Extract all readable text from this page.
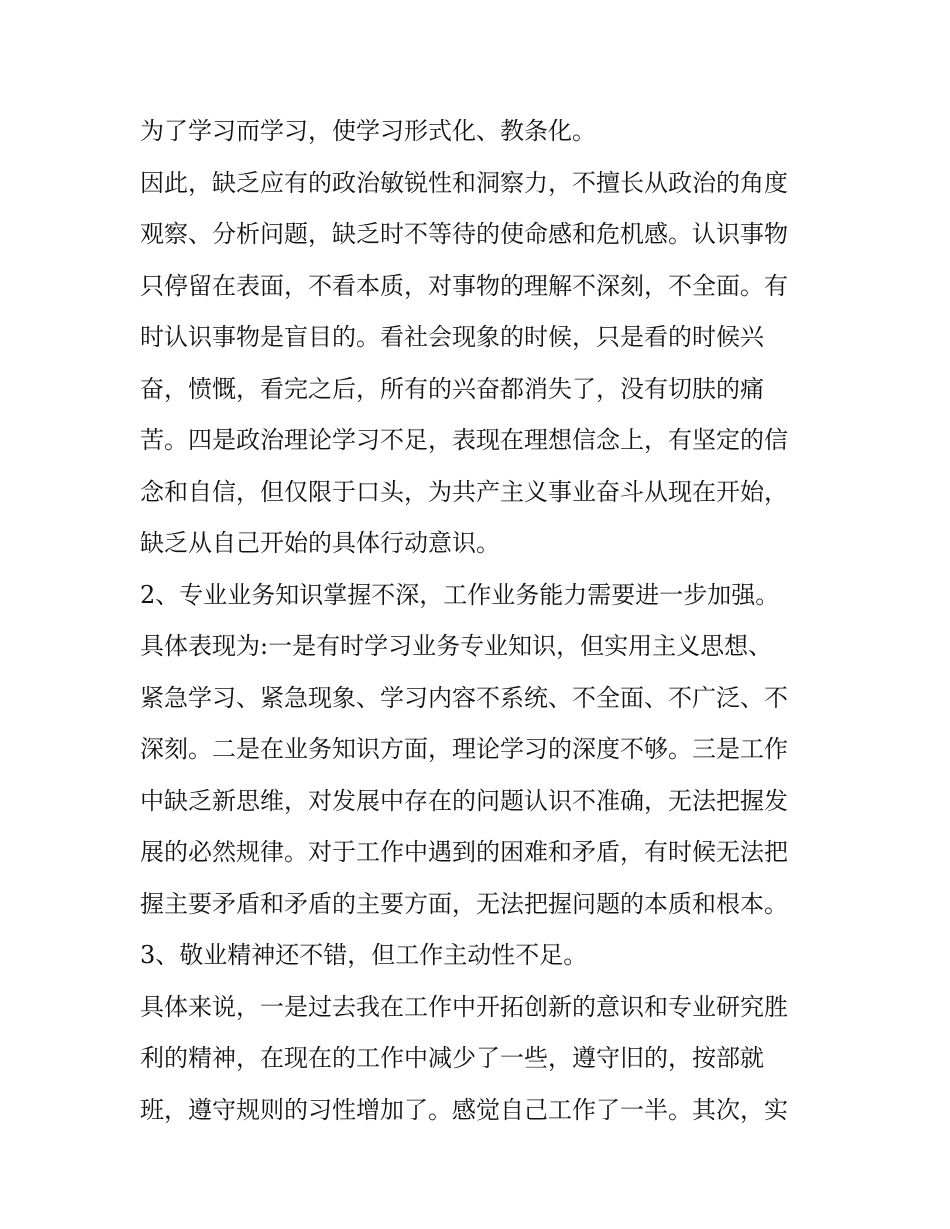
为了学习而学习，使学习形式化、教条化。
因此，缺乏应有的政治敏锐性和洞察力，不擅长从政治的角度
观察、分析问题，缺乏时不等待的使命感和危机感。认识事物
只停留在表面，不看本质，对事物的理解不深刻，不全面。有
时认识事物是盲目的。看社会现象的时候，只是看的时候兴
奋，愤慨，看完之后，所有的兴奋都消失了，没有切肤的痛
苦。四是政治理论学习不足，表现在理想信念上，有坚定的信
念和自信，但仅限于口头，为共产主义事业奋斗从现在开始，
缺乏从自己开始的具体行动意识。
2、专业业务知识掌握不深，工作业务能力需要进一步加强。
具体表现为:一是有时学习业务专业知识，但实用主义思想、
紧急学习、紧急现象、学习内容不系统、不全面、不广泛、不
深刻。二是在业务知识方面，理论学习的深度不够。三是工作
中缺乏新思维，对发展中存在的问题认识不准确，无法把握发
展的必然规律。对于工作中遇到的困难和矛盾，有时候无法把
握主要矛盾和矛盾的主要方面，无法把握问题的本质和根本。
3、敬业精神还不错，但工作主动性不足。
具体来说，一是过去我在工作中开拓创新的意识和专业研究胜
利的精神，在现在的工作中减少了一些，遵守旧的，按部就
班，遵守规则的习性增加了。感觉自己工作了一半。其次，实
